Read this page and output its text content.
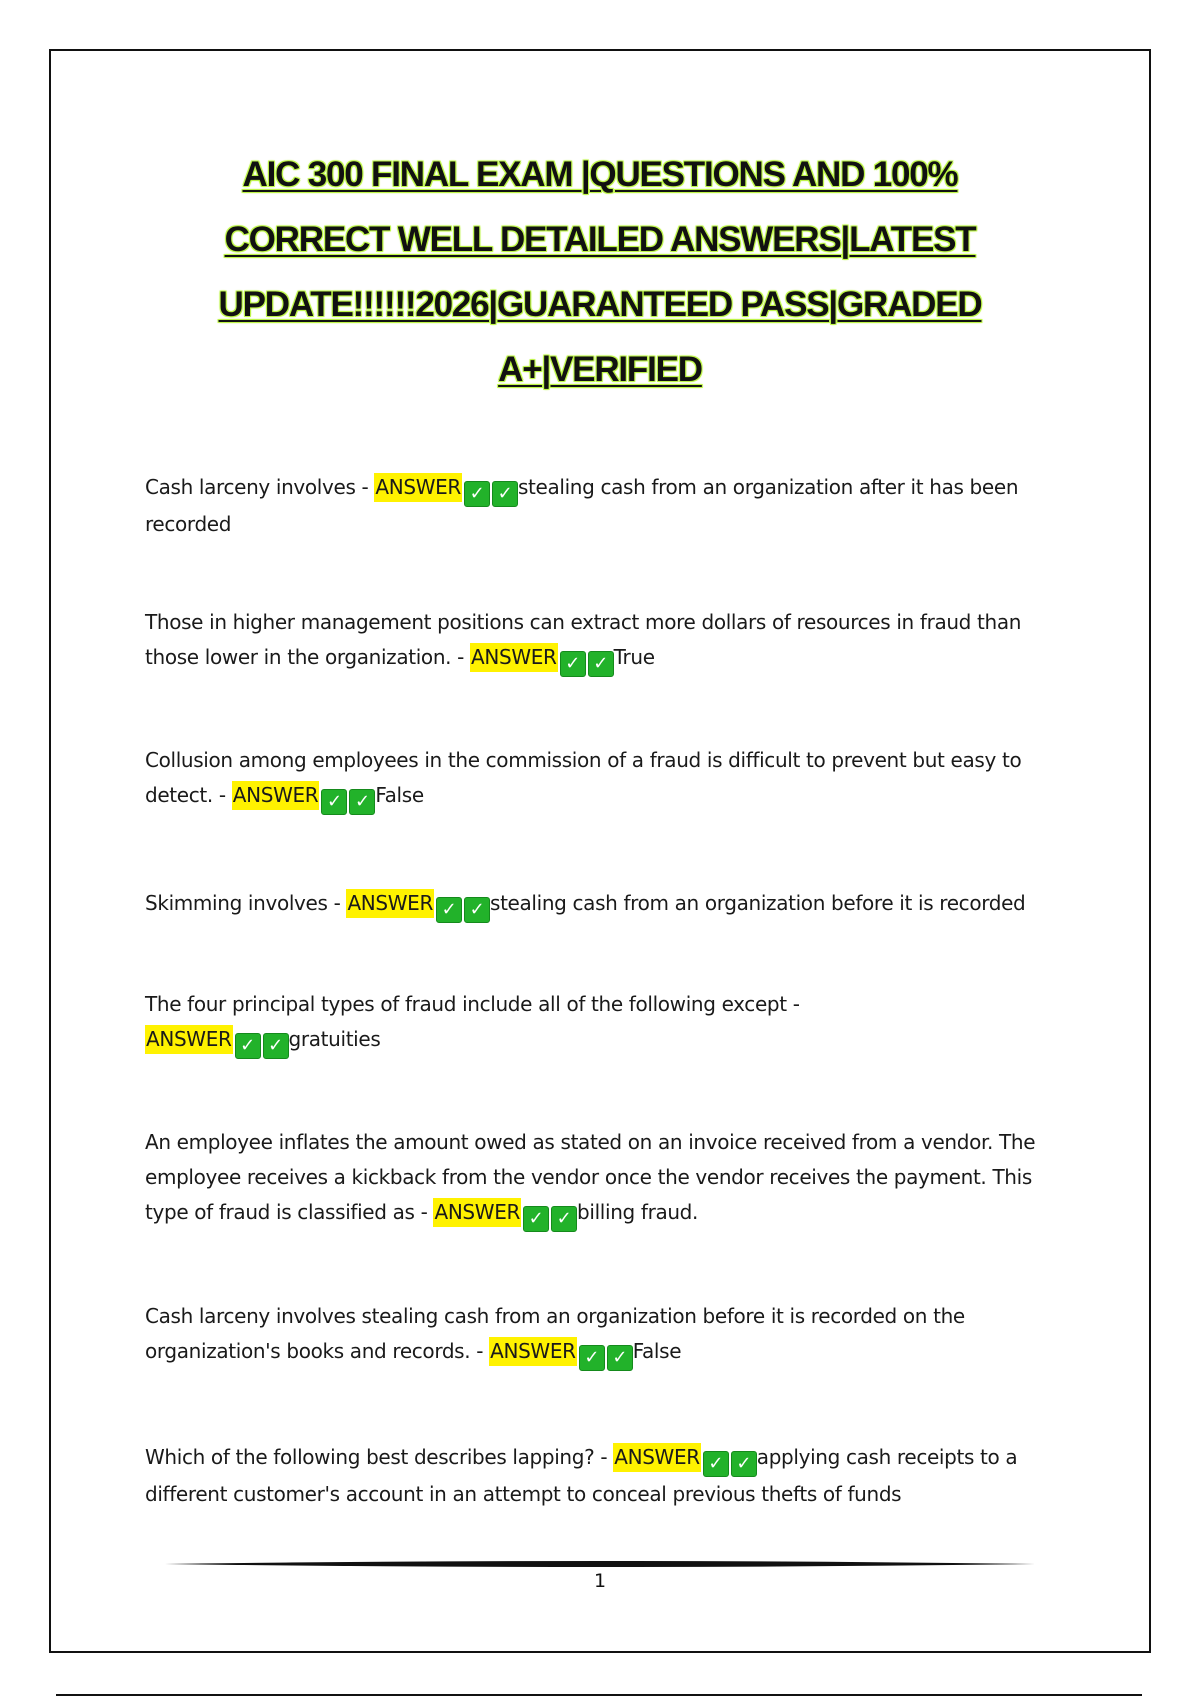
AIC 300 FINAL EXAM |QUESTIONS AND 100%
CORRECT WELL DETAILED ANSWERS|LATEST
UPDATE!!!!!!2026|GUARANTEED PASS|GRADED
A+|VERIFIED
Cash larceny involves - ANSWER ✓ ✓ stealing cash from an organization after it has been recorded
Those in higher management positions can extract more dollars of resources in fraud than those lower in the organization. - ANSWER ✓ ✓ True
Collusion among employees in the commission of a fraud is difficult to prevent but easy to detect. - ANSWER ✓ ✓ False
Skimming involves - ANSWER ✓ ✓ stealing cash from an organization before it is recorded
The four principal types of fraud include all of the following except -
ANSWER ✓ ✓ gratuities
An employee inflates the amount owed as stated on an invoice received from a vendor. The employee receives a kickback from the vendor once the vendor receives the payment. This type of fraud is classified as - ANSWER ✓ ✓ billing fraud.
Cash larceny involves stealing cash from an organization before it is recorded on the organization's books and records. - ANSWER ✓ ✓ False
Which of the following best describes lapping? - ANSWER ✓ ✓ applying cash receipts to a different customer's account in an attempt to conceal previous thefts of funds
1
